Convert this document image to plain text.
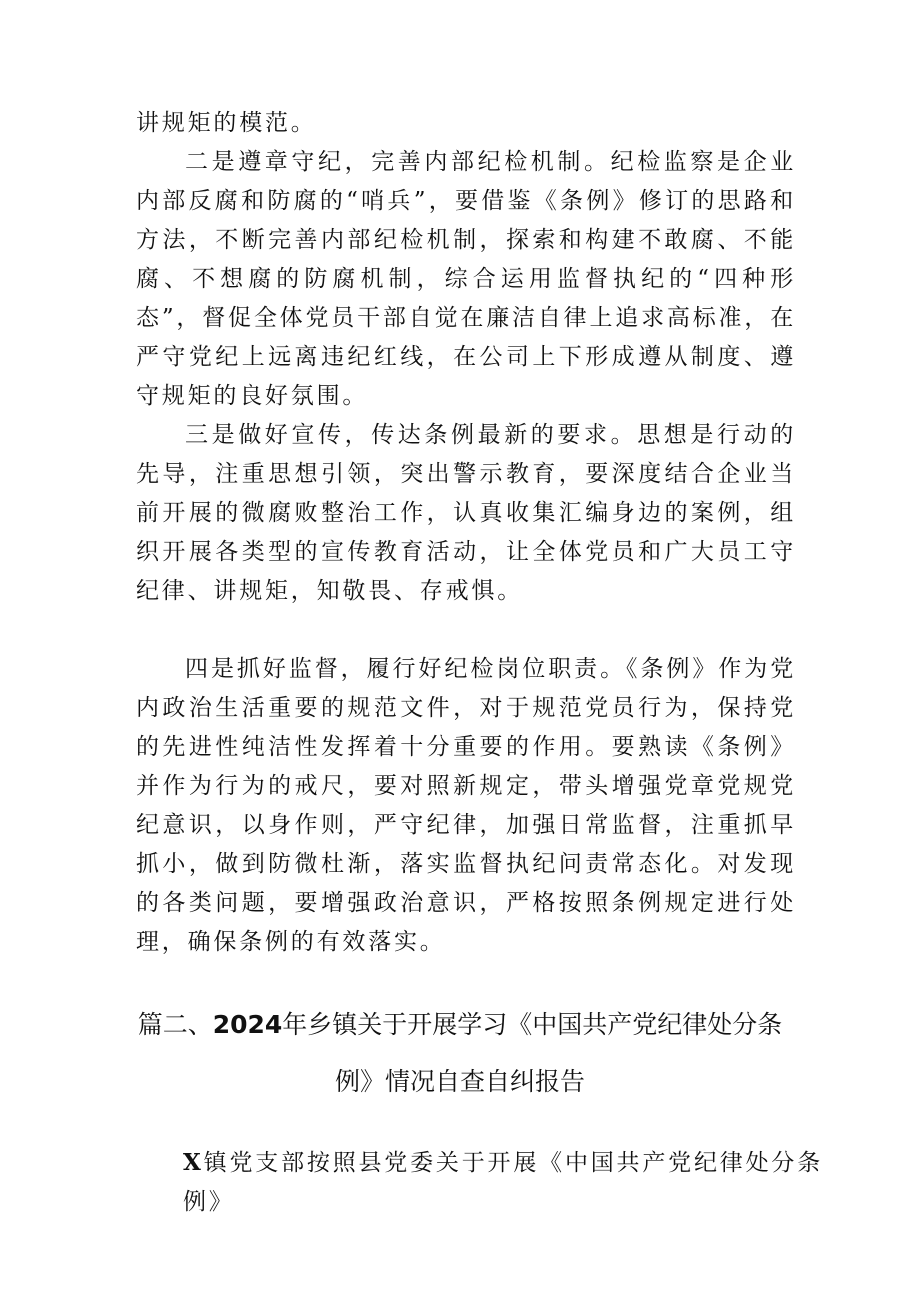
讲规矩的模范。

二是遵章守纪，完善内部纪检机制。纪检监察是企业内部反腐和防腐的“哨兵”，要借鉴《条例》修订的思路和方法，不断完善内部纪检机制，探索和构建不敢腐、不能腐、不想腐的防腐机制，综合运用监督执纪的“四种形态”，督促全体党员干部自觉在廉洁自律上追求高标准，在严守党纪上远离违纪红线，在公司上下形成遵从制度、遵守规矩的良好氛围。

三是做好宣传，传达条例最新的要求。思想是行动的先导，注重思想引领，突出警示教育，要深度结合企业当前开展的微腐败整治工作，认真收集汇编身边的案例，组织开展各类型的宣传教育活动，让全体党员和广大员工守纪律、讲规矩，知敬畏、存戒惧。

四是抓好监督，履行好纪检岗位职责。《条例》作为党内政治生活重要的规范文件，对于规范党员行为，保持党的先进性纯洁性发挥着十分重要的作用。要熟读《条例》并作为行为的戒尺，要对照新规定，带头增强党章党规党纪意识，以身作则，严守纪律，加强日常监督，注重抓早抓小，做到防微杜渐，落实监督执纪问责常态化。对发现的各类问题，要增强政治意识，严格按照条例规定进行处理，确保条例的有效落实。

篇二、2024年乡镇关于开展学习《中国共产党纪律处分条
例》情况自查自纠报告

X镇党支部按照县党委关于开展《中国共产党纪律处分条例》
